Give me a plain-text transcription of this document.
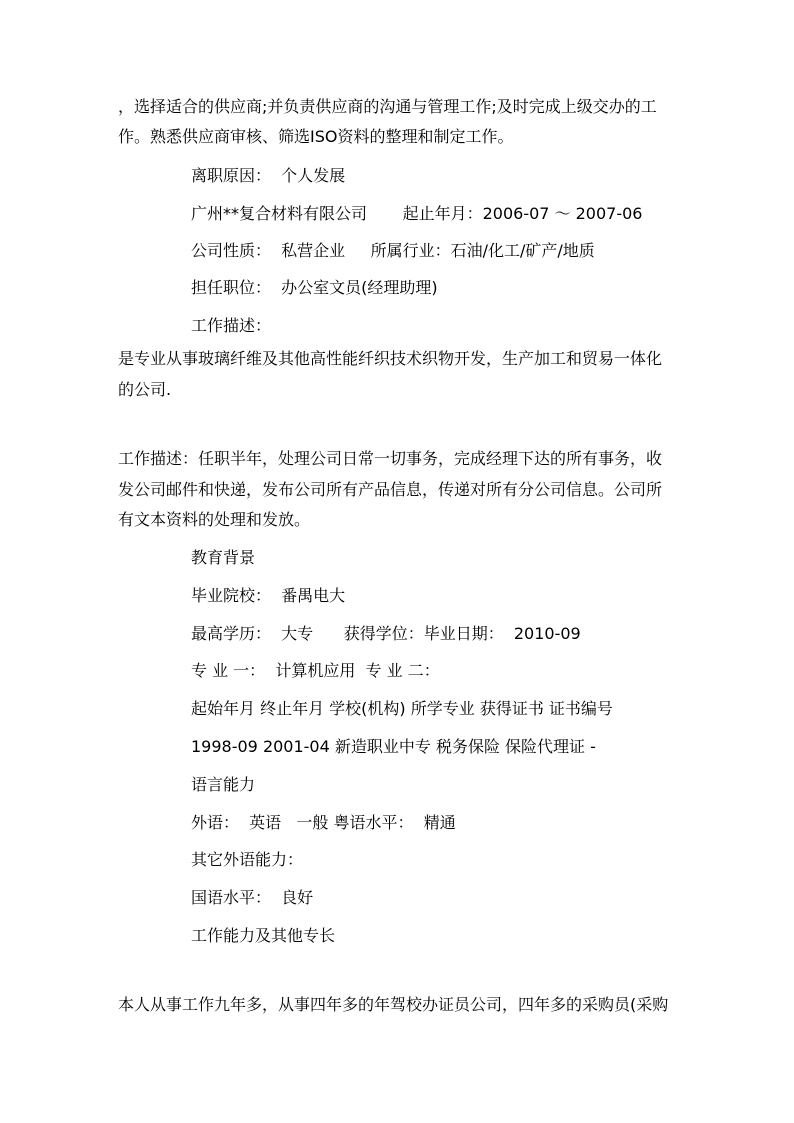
，选择适合的供应商;并负责供应商的沟通与管理工作;及时完成上级交办的工
作。熟悉供应商审核、筛选ISO资料的整理和制定工作。
离职原因：  个人发展
广州**复合材料有限公司       起止年月：2006-07 ～ 2007-06
公司性质：  私营企业     所属行业：石油/化工/矿产/地质
担任职位：  办公室文员(经理助理)
工作描述：
是专业从事玻璃纤维及其他高性能纤织技术织物开发，生产加工和贸易一体化
的公司.
工作描述：任职半年，处理公司日常一切事务，完成经理下达的所有事务，收
发公司邮件和快递，发布公司所有产品信息，传递对所有分公司信息。公司所
有文本资料的处理和发放。
教育背景
毕业院校：  番禺电大
最高学历：  大专      获得学位：毕业日期：  2010-09
专 业 一：  计算机应用  专 业 二：
起始年月 终止年月 学校(机构) 所学专业 获得证书 证书编号
1998-09 2001-04 新造职业中专 税务保险 保险代理证 -
语言能力
外语：  英语   一般 粤语水平：  精通
其它外语能力：
国语水平：  良好
工作能力及其他专长
本人从事工作九年多，从事四年多的年驾校办证员公司，四年多的采购员(采购
